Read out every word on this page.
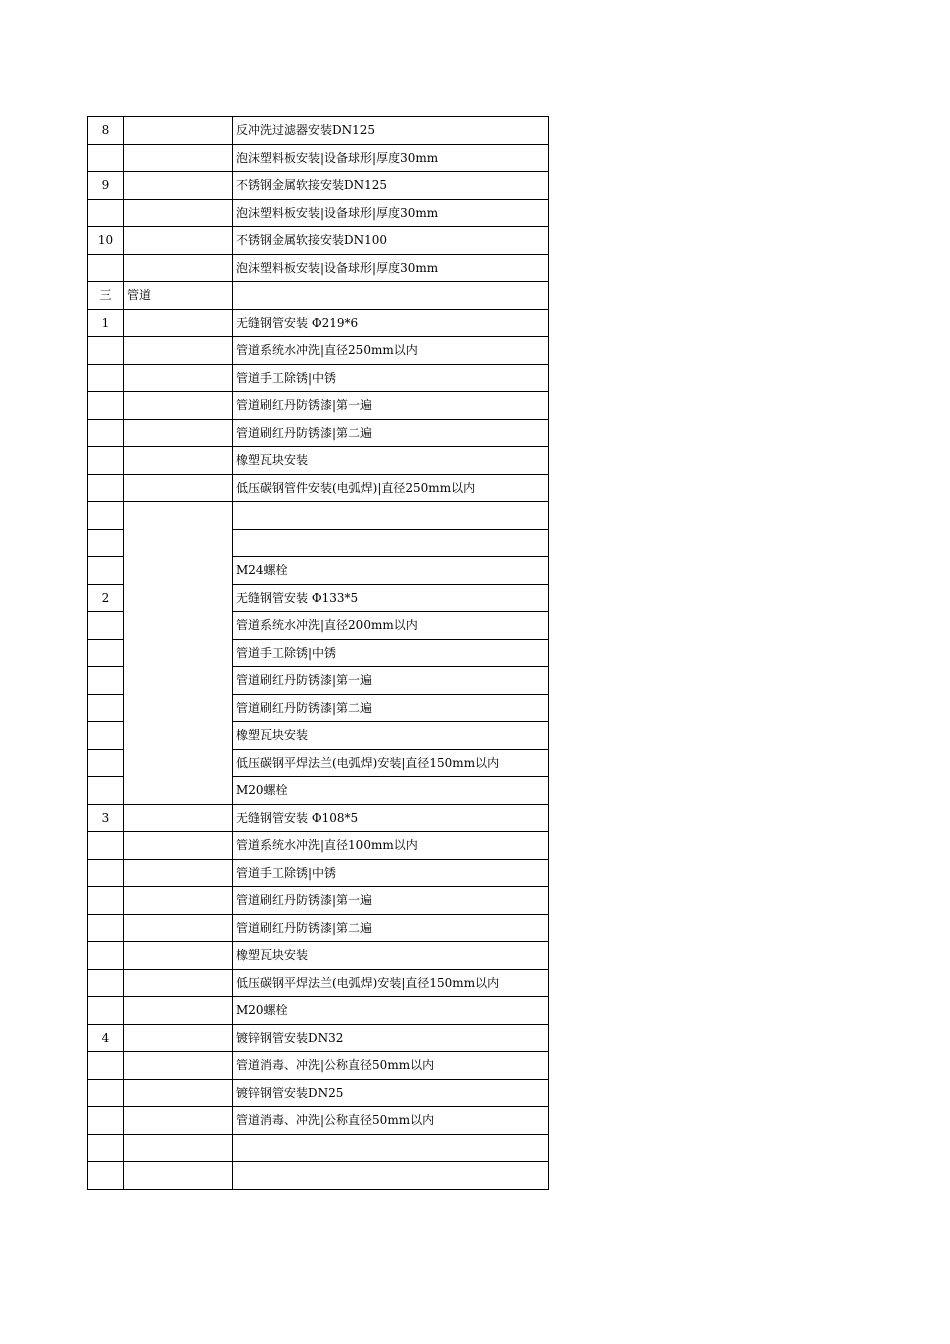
8		反冲洗过滤器安装DN125
		泡沫塑料板安装|设备球形|厚度30mm
9		不锈钢金属软接安装DN125
		泡沫塑料板安装|设备球形|厚度30mm
10		不锈钢金属软接安装DN100
		泡沫塑料板安装|设备球形|厚度30mm
三	管道	
1		无缝钢管安装 Φ219*6
		管道系统水冲洗|直径250mm以内
		管道手工除锈|中锈
		管道刷红丹防锈漆|第一遍
		管道刷红丹防锈漆|第二遍
		橡塑瓦块安装
		低压碳钢管件安装(电弧焊)|直径250mm以内

		M24螺栓
2		无缝钢管安装 Φ133*5
		管道系统水冲洗|直径200mm以内
		管道手工除锈|中锈
		管道刷红丹防锈漆|第一遍
		管道刷红丹防锈漆|第二遍
		橡塑瓦块安装
		低压碳钢平焊法兰(电弧焊)安装|直径150mm以内
		M20螺栓
3		无缝钢管安装 Φ108*5
		管道系统水冲洗|直径100mm以内
		管道手工除锈|中锈
		管道刷红丹防锈漆|第一遍
		管道刷红丹防锈漆|第二遍
		橡塑瓦块安装
		低压碳钢平焊法兰(电弧焊)安装|直径150mm以内
		M20螺栓
4		镀锌钢管安装DN32
		管道消毒、冲洗|公称直径50mm以内
		镀锌钢管安装DN25
		管道消毒、冲洗|公称直径50mm以内
